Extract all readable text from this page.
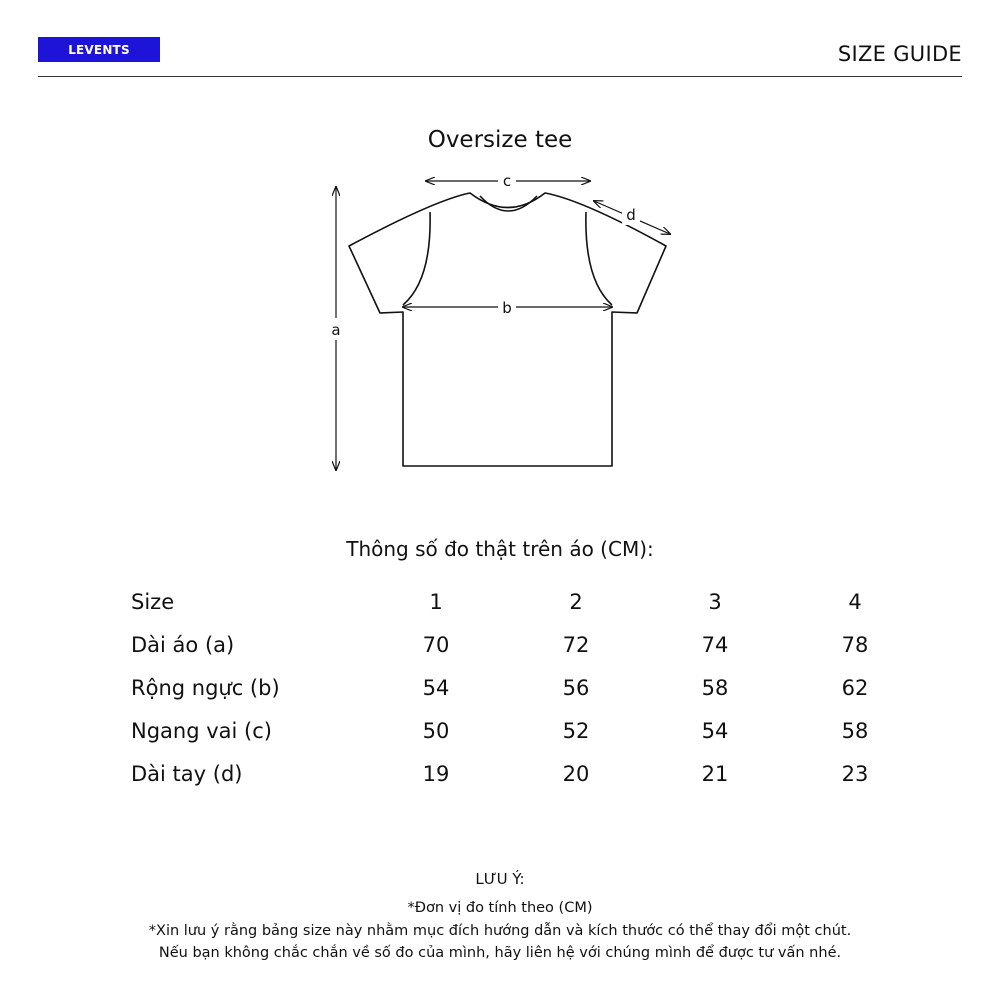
LEVENTS	SIZE GUIDE
Oversize tee
a
c
d
b
Thông số đo thật trên áo (CM):
Size	1	2	3	4
Dài áo (a)	70	72	74	78
Rộng ngực (b)	54	56	58	62
Ngang vai (c)	50	52	54	58
Dài tay (d)	19	20	21	23
LƯU Ý:
*Đơn vị đo tính theo (CM)
*Xin lưu ý rằng bảng size này nhằm mục đích hướng dẫn và kích thước có thể thay đổi một chút.
Nếu bạn không chắc chắn về số đo của mình, hãy liên hệ với chúng mình để được tư vấn nhé.
